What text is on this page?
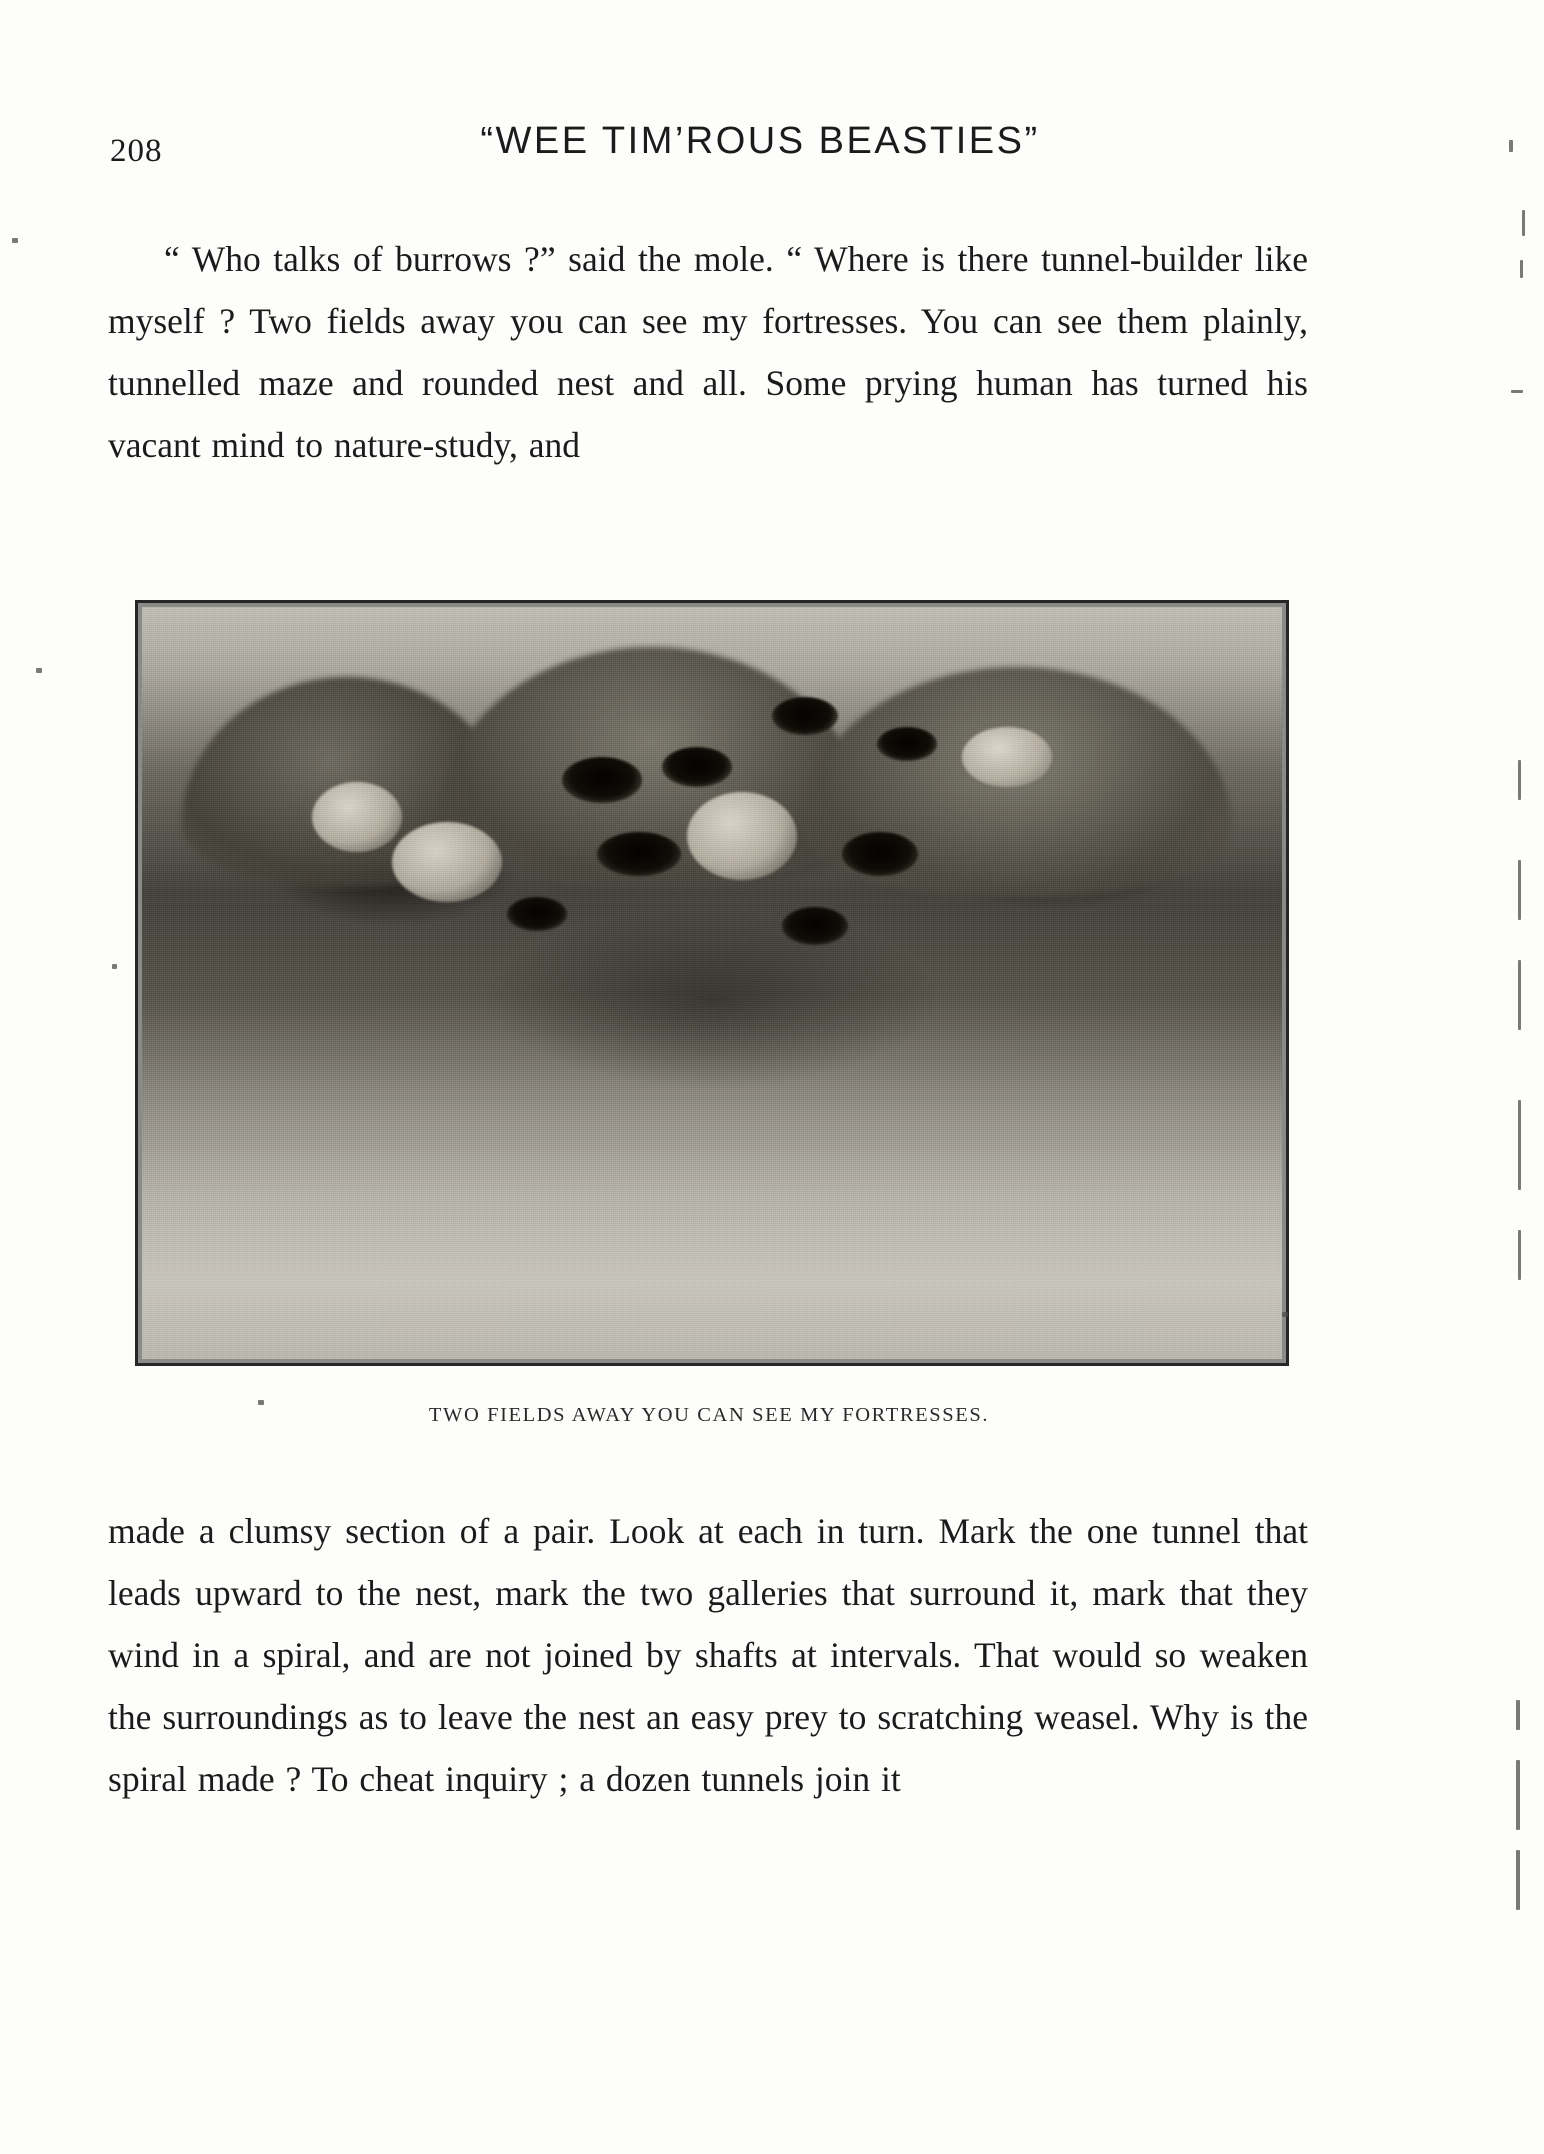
208	“WEE TIM’ROUS BEASTIES”

“ Who talks of burrows ?” said the mole. “ Where is there tunnel-builder like myself ? Two fields away you can see my fortresses. You can see them plainly, tunnelled maze and rounded nest and all. Some prying human has turned his vacant mind to nature-study, and

TWO FIELDS AWAY YOU CAN SEE MY FORTRESSES.

made a clumsy section of a pair. Look at each in turn. Mark the one tunnel that leads upward to the nest, mark the two galleries that surround it, mark that they wind in a spiral, and are not joined by shafts at intervals. That would so weaken the surroundings as to leave the nest an easy prey to scratching weasel. Why is the spiral made ? To cheat inquiry ; a dozen tunnels join it
